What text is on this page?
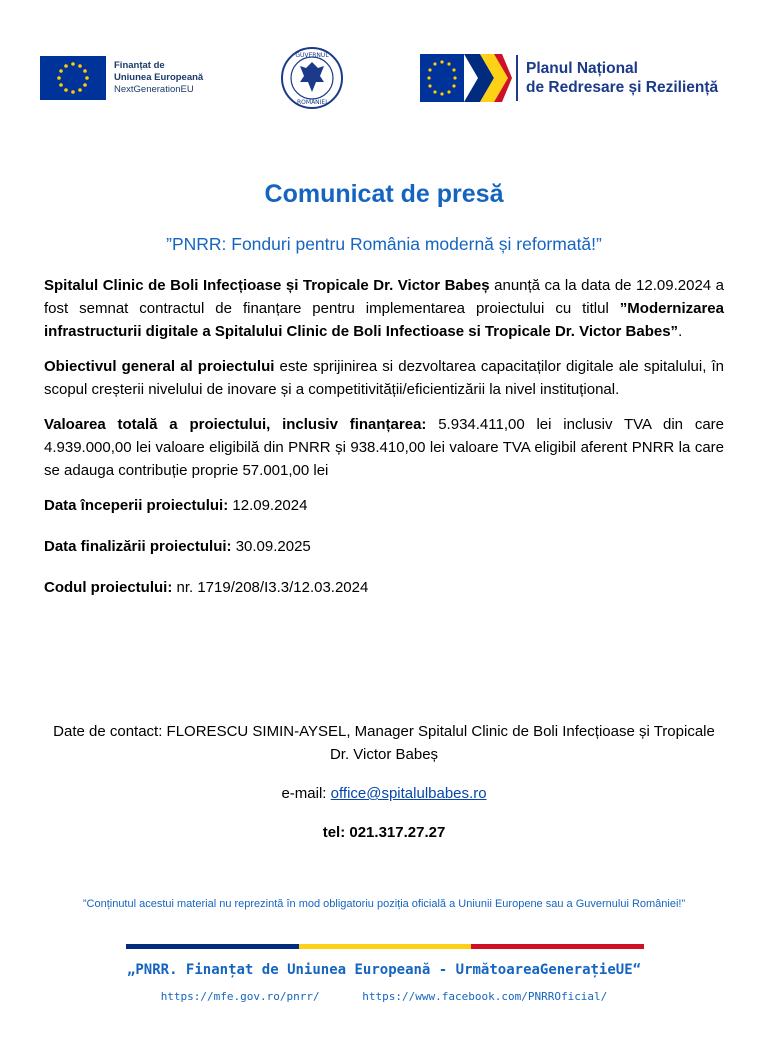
Finanțat de
Uniunea Europeană
NextGenerationEU
GUVERNUL
ROMÂNIEI
Planul Național
de Redresare și Reziliență
Comunicat de presă
”PNRR: Fonduri pentru România modernă și reformată!”

Spitalul Clinic de Boli Infecțioase și Tropicale Dr. Victor Babeș anunță ca la data de 12.09.2024 a fost semnat contractul de finanțare pentru implementarea proiectului cu titlul ”Modernizarea infrastructurii digitale a Spitalului Clinic de Boli Infectioase si Tropicale Dr. Victor Babes”.

Obiectivul general al proiectului este sprijinirea si dezvoltarea capacitaților digitale ale spitalului, în scopul creșterii nivelului de inovare și a competitivității/eficientizării la nivel instituțional.

Valoarea totală a proiectului, inclusiv finanțarea: 5.934.411,00 lei inclusiv TVA din care 4.939.000,00 lei valoare eligibilă din PNRR și 938.410,00 lei valoare TVA eligibil aferent PNRR la care se adauga contribuție proprie 57.001,00 lei

Data începerii proiectului: 12.09.2024

Data finalizării proiectului: 30.09.2025

Codul proiectului: nr. 1719/208/I3.3/12.03.2024

Date de contact: FLORESCU SIMIN-AYSEL, Manager Spitalul Clinic de Boli Infecțioase și Tropicale Dr. Victor Babeș

e-mail: office@spitalulbabes.ro

tel: 021.317.27.27

”Conținutul acestui material nu reprezintă în mod obligatoriu poziția oficială a Uniunii Europene sau a Guvernului României!”
„PNRR. Finanțat de Uniunea Europeană - UrmătoareaGenerațieUE“
https://mfe.gov.ro/pnrr/	https://www.facebook.com/PNRROficial/
